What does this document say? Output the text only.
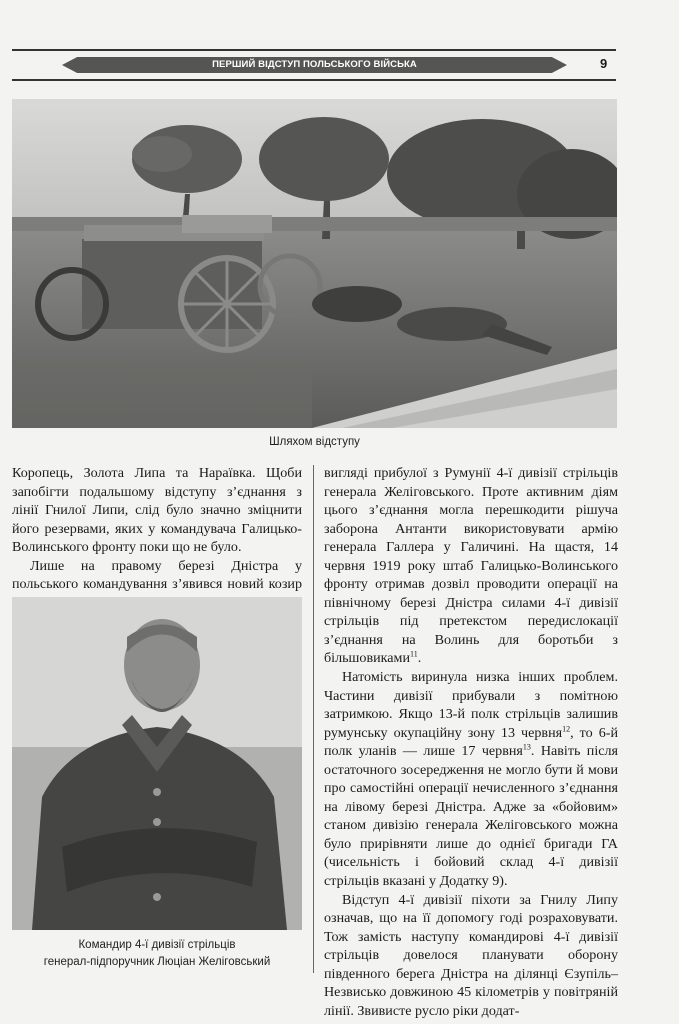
ПЕРШИЙ ВІДСТУП ПОЛЬСЬКОГО ВІЙСЬКА	9
Шляхом відступу

Коропець, Золота Липа та Нараївка. Щоби запобігти подальшому відступу з’єднання з лінії Гнилої Липи, слід було значно зміцнити його резервами, яких у командувача Галицько-Волинського фронту поки що не було.

Лише на правому березі Дністра у польського командування з’явився новий козир

Командир 4-ї дивізії стрільців
генерал-підпоручник Люціан Желіговський

вигляді прибулої з Румунії 4-ї дивізії стрільців генерала Желіговського. Проте активним діям цього з’єднання могла перешкодити рішуча заборона Антанти використовувати армію генерала Галлера у Галичині. На щастя, 14 червня 1919 року штаб Галицько-Волинського фронту отримав дозвіл проводити операції на північному березі Дністра силами 4-ї дивізії стрільців під претекстом передислокації з’єднання на Волинь для боротьби з більшовиками$^{11}$.

Натомість виринула низка інших проблем. Частини дивізії прибували з помітною затримкою. Якщо 13-й полк стрільців залишив румунську окупаційну зону 13 червня$^{12}$, то 6-й полк уланів — лише 17 червня$^{13}$. Навіть після остаточного зосередження не могло бути й мови про самостійні операції нечисленного з’єднання на лівому березі Дністра. Адже за «бойовим» станом дивізію генерала Желіговського можна було прирівняти лише до однієї бригади ГА (чисельність і бойовий склад 4-ї дивізії стрільців вказані у Додатку 9).

Відступ 4-ї дивізії піхоти за Гнилу Липу означав, що на її допомогу годі розраховувати. Тож замість наступу командирові 4-ї дивізії стрільців довелося планувати оборону південного берега Дністра на ділянці Єзупіль–Незвисько довжиною 45 кілометрів у повітряній лінії. Звивисте русло ріки додат-
